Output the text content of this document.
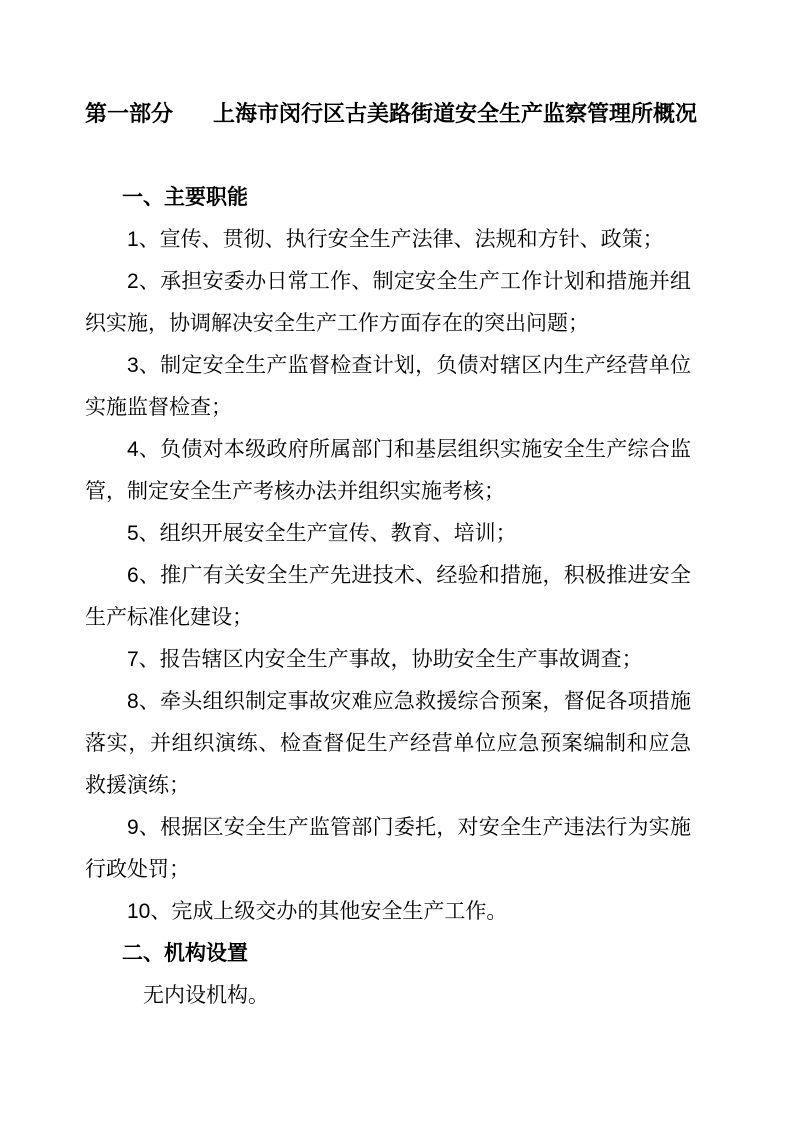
第一部分 上海市闵行区古美路街道安全生产监察管理所概况

一、主要职能

1、宣传、贯彻、执行安全生产法律、法规和方针、政策；

2、承担安委办日常工作、制定安全生产工作计划和措施并组织实施，协调解决安全生产工作方面存在的突出问题；

3、制定安全生产监督检查计划，负债对辖区内生产经营单位实施监督检查；

4、负债对本级政府所属部门和基层组织实施安全生产综合监管，制定安全生产考核办法并组织实施考核；

5、组织开展安全生产宣传、教育、培训；

6、推广有关安全生产先进技术、经验和措施，积极推进安全生产标准化建设；

7、报告辖区内安全生产事故，协助安全生产事故调查；

8、牵头组织制定事故灾难应急救援综合预案，督促各项措施落实，并组织演练、检查督促生产经营单位应急预案编制和应急救援演练；

9、根据区安全生产监管部门委托，对安全生产违法行为实施行政处罚；

10、完成上级交办的其他安全生产工作。

二、机构设置

无内设机构。
